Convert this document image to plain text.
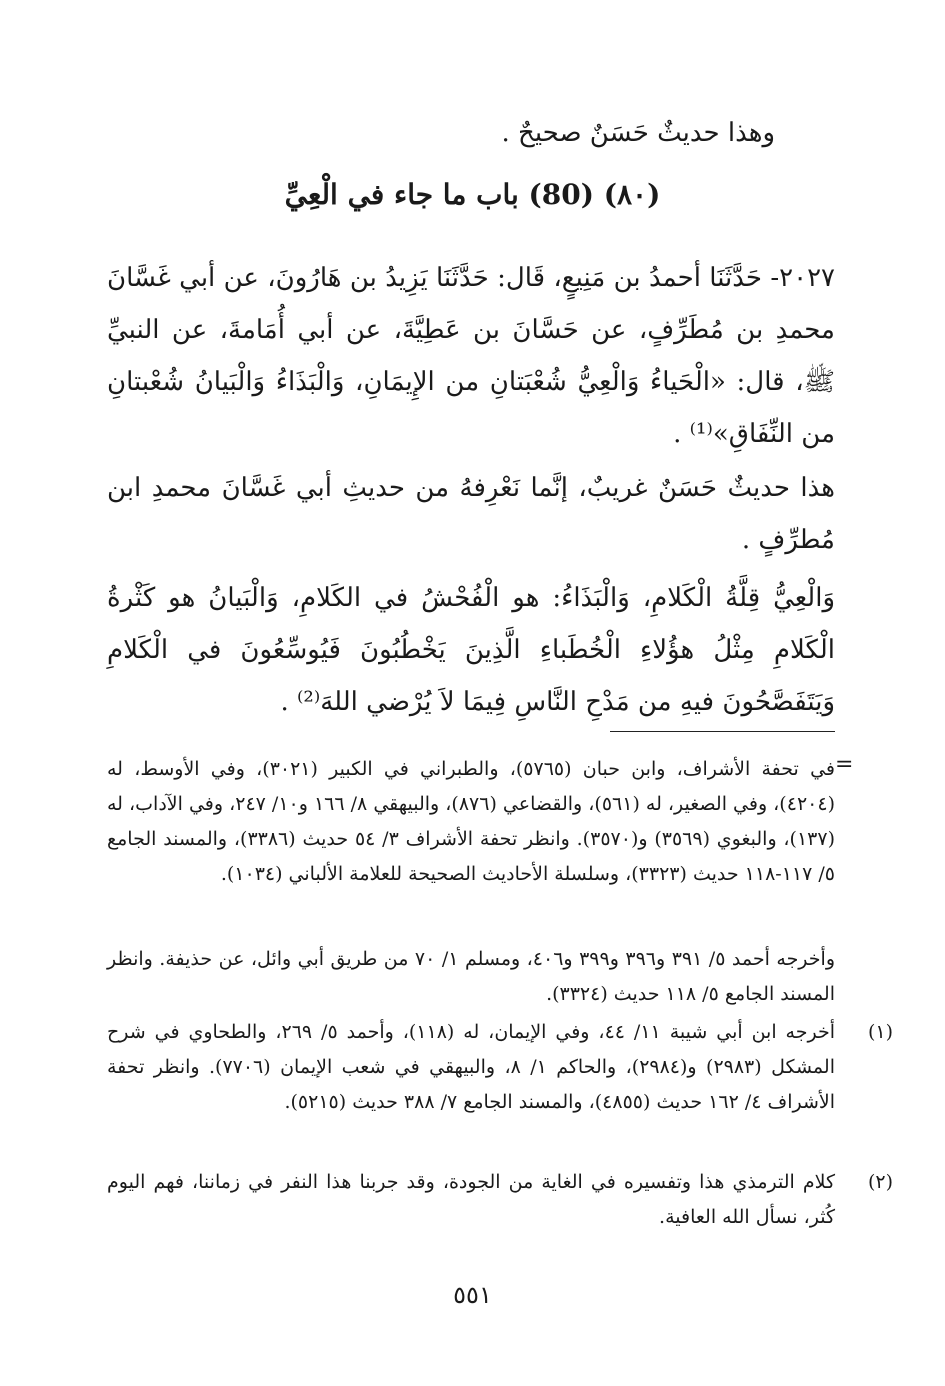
وهذا حديثٌ حَسَنٌ صحيحٌ .
(٨٠) (80) باب ما جاء في الْعِيِّ

٢٠٢٧- حَدَّثَنَا أحمدُ بن مَنِيعٍ، قَال: حَدَّثَنَا يَزِيدُ بن هَارُونَ، عن أبي غَسَّانَ محمدِ بن مُطَرِّفٍ، عن حَسَّانَ بن عَطِيَّةَ، عن أبي أُمَامةَ، عن النبيِّ ﷺ، قال: «الْحَياءُ وَالْعِيُّ شُعْبَتانِ من الإِيمَانِ، وَالْبَذَاءُ وَالْبَيانُ شُعْبتانِ من النِّفَاقِ»⁽¹⁾ .

هذا حديثٌ حَسَنٌ غريبٌ، إنَّما نَعْرِفهُ من حديثِ أبي غَسَّانَ محمدِ ابن مُطرِّفٍ .

وَالْعِيُّ قِلَّةُ الْكَلامِ، وَالْبَذَاءُ: هو الْفُحْشُ في الكَلامِ، وَالْبَيانُ هو كَثْرةُ الْكَلامِ مِثْلُ هؤُلاءِ الْخُطَباءِ الَّذِينَ يَخْطُبُونَ فَيُوسِّعُونَ في الْكَلامِ وَيَتَفَصَّحُونَ فيهِ من مَدْحِ النَّاسِ فِيمَا لاَ يُرْضي اللهَ⁽²⁾ .

=

في تحفة الأشراف، وابن حبان (٥٧٦٥)، والطبراني في الكبير (٣٠٢١)، وفي الأوسط، له (٤٢٠٤)، وفي الصغير، له (٥٦١)، والقضاعي (٨٧٦)، والبيهقي ٨/ ١٦٦ و١٠/ ٢٤٧، وفي الآداب، له (١٣٧)، والبغوي (٣٥٦٩) و(٣٥٧٠). وانظر تحفة الأشراف ٣/ ٥٤ حديث (٣٣٨٦)، والمسند الجامع ٥/ ١١٧-١١٨ حديث (٣٣٢٣)، وسلسلة الأحاديث الصحيحة للعلامة الألباني (١٠٣٤).

وأخرجه أحمد ٥/ ٣٩١ و٣٩٦ و٣٩٩ و٤٠٦، ومسلم ١/ ٧٠ من طريق أبي وائل، عن حذيفة. وانظر المسند الجامع ٥/ ١١٨ حديث (٣٣٢٤).

(١)

أخرجه ابن أبي شيبة ١١/ ٤٤، وفي الإيمان، له (١١٨)، وأحمد ٥/ ٢٦٩، والطحاوي في شرح المشكل (٢٩٨٣) و(٢٩٨٤)، والحاكم ١/ ٨، والبيهقي في شعب الإيمان (٧٧٠٦). وانظر تحفة الأشراف ٤/ ١٦٢ حديث (٤٨٥٥)، والمسند الجامع ٧/ ٣٨٨ حديث (٥٢١٥).

(٢)

كلام الترمذي هذا وتفسيره في الغاية من الجودة، وقد جربنا هذا النفر في زماننا، فهم اليوم كُثر، نسأل الله العافية.

٥٥١
